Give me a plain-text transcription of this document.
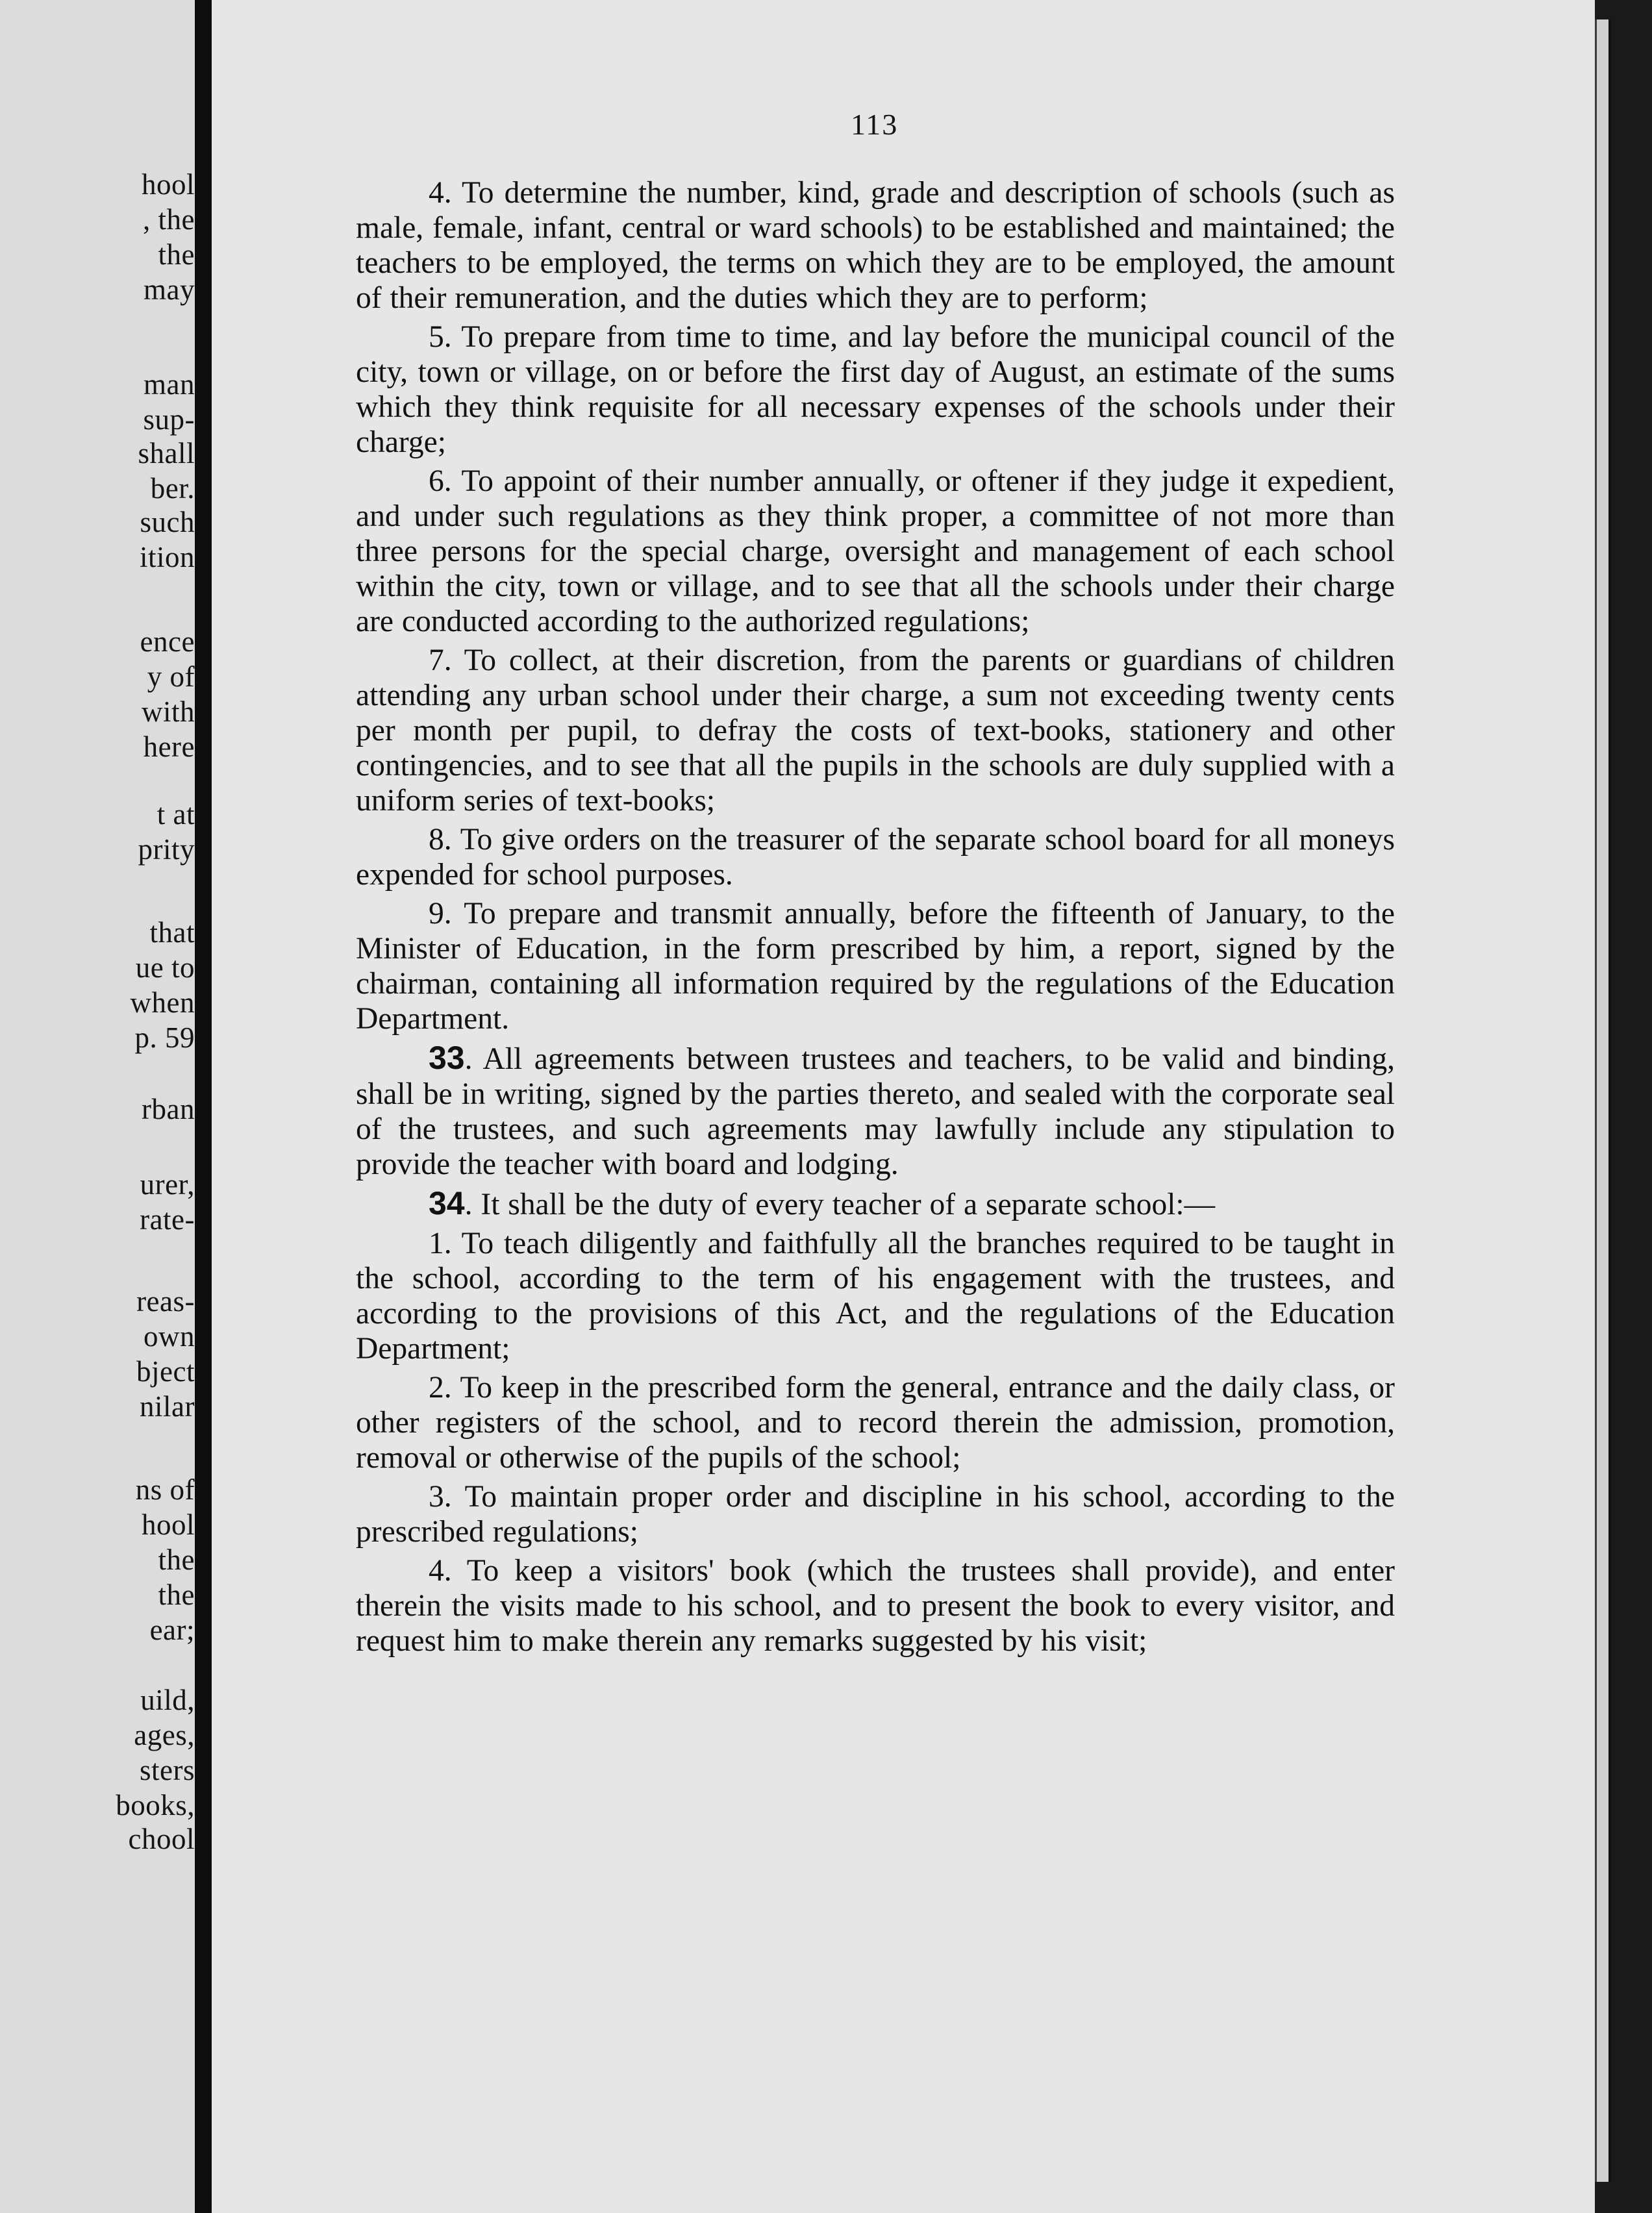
hool
, the
the
may
man
sup-
shall
ber.
such
ition
ence
y of
with
here
t at
prity
that
ue to
when
p. 59
rban
urer,
rate-
reas-
own
bject
nilar
ns of
hool
the
the
ear;
uild,
ages,
sters
books,
chool
113

4. To determine the number, kind, grade and description of schools (such as male, female, infant, central or ward schools) to be established and maintained; the teachers to be employed, the terms on which they are to be employed, the amount of their remuneration, and the duties which they are to perform;

5. To prepare from time to time, and lay before the municipal council of the city, town or village, on or before the first day of August, an estimate of the sums which they think requisite for all necessary expenses of the schools under their charge;

6. To appoint of their number annually, or oftener if they judge it expedient, and under such regulations as they think proper, a committee of not more than three persons for the special charge, oversight and management of each school within the city, town or village, and to see that all the schools under their charge are conducted according to the authorized regulations;

7. To collect, at their discretion, from the parents or guardians of children attending any urban school under their charge, a sum not exceeding twenty cents per month per pupil, to defray the costs of text-books, stationery and other contingencies, and to see that all the pupils in the schools are duly supplied with a uniform series of text-books;

8. To give orders on the treasurer of the separate school board for all moneys expended for school purposes.

9. To prepare and transmit annually, before the fifteenth of January, to the Minister of Education, in the form prescribed by him, a report, signed by the chairman, containing all information required by the regulations of the Education Department.

33. All agreements between trustees and teachers, to be valid and binding, shall be in writing, signed by the parties thereto, and sealed with the corporate seal of the trustees, and such agreements may lawfully include any stipulation to provide the teacher with board and lodging.

34. It shall be the duty of every teacher of a separate school:—

1. To teach diligently and faithfully all the branches required to be taught in the school, according to the term of his engagement with the trustees, and according to the provisions of this Act, and the regulations of the Education Department;

2. To keep in the prescribed form the general, entrance and the daily class, or other registers of the school, and to record therein the admission, promotion, removal or otherwise of the pupils of the school;

3. To maintain proper order and discipline in his school, according to the prescribed regulations;

4. To keep a visitors' book (which the trustees shall provide), and enter therein the visits made to his school, and to present the book to every visitor, and request him to make therein any remarks suggested by his visit;
